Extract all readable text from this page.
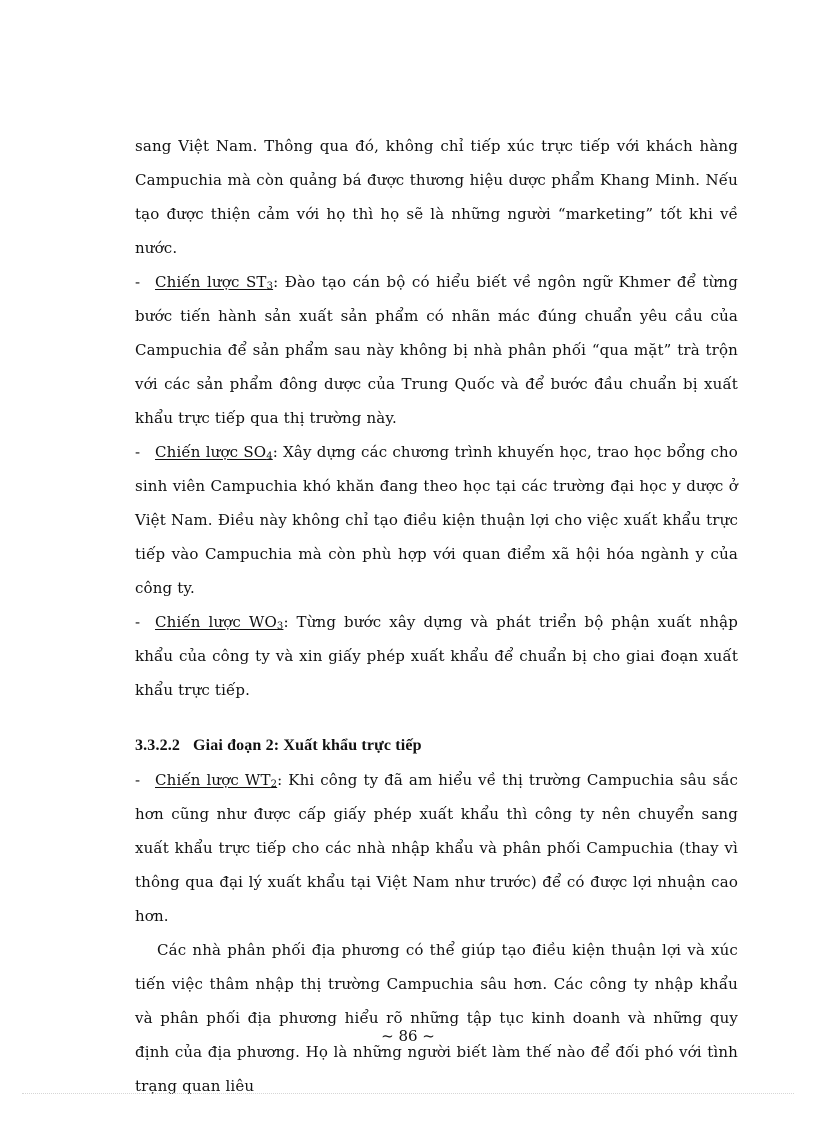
sang Việt Nam. Thông qua đó, không chỉ tiếp xúc trực tiếp với khách hàng Campuchia mà còn quảng bá được thương hiệu dược phẩm Khang Minh. Nếu tạo được thiện cảm với họ thì họ sẽ là những người “marketing” tốt khi về nước.

- Chiến lược $ST_3$: Đào tạo cán bộ có hiểu biết về ngôn ngữ Khmer để từng bước tiến hành sản xuất sản phẩm có nhãn mác đúng chuẩn yêu cầu của Campuchia để sản phẩm sau này không bị nhà phân phối “qua mặt” trà trộn với các sản phẩm đông dược của Trung Quốc và để bước đầu chuẩn bị xuất khẩu trực tiếp qua thị trường này.

- Chiến lược $SO_4$: Xây dựng các chương trình khuyến học, trao học bổng cho sinh viên Campuchia khó khăn đang theo học tại các trường đại học y dược ở Việt Nam. Điều này không chỉ tạo điều kiện thuận lợi cho việc xuất khẩu trực tiếp vào Campuchia mà còn phù hợp với quan điểm xã hội hóa ngành y của công ty.

- Chiến lược $WO_3$: Từng bước xây dựng và phát triển bộ phận xuất nhập khẩu của công ty và xin giấy phép xuất khẩu để chuẩn bị cho giai đoạn xuất khẩu trực tiếp.

3.3.2.2 Giai đoạn 2: Xuất khẩu trực tiếp

- Chiến lược $WT_2$: Khi công ty đã am hiểu về thị trường Campuchia sâu sắc hơn cũng như được cấp giấy phép xuất khẩu thì công ty nên chuyển sang xuất khẩu trực tiếp cho các nhà nhập khẩu và phân phối Campuchia (thay vì thông qua đại lý xuất khẩu tại Việt Nam như trước) để có được lợi nhuận cao hơn.

Các nhà phân phối địa phương có thể giúp tạo điều kiện thuận lợi và xúc tiến việc thâm nhập thị trường Campuchia sâu hơn. Các công ty nhập khẩu và phân phối địa phương hiểu rõ những tập tục kinh doanh và những quy định của địa phương. Họ là những người biết làm thế nào để đối phó với tình trạng quan liêu

~ 86 ~
